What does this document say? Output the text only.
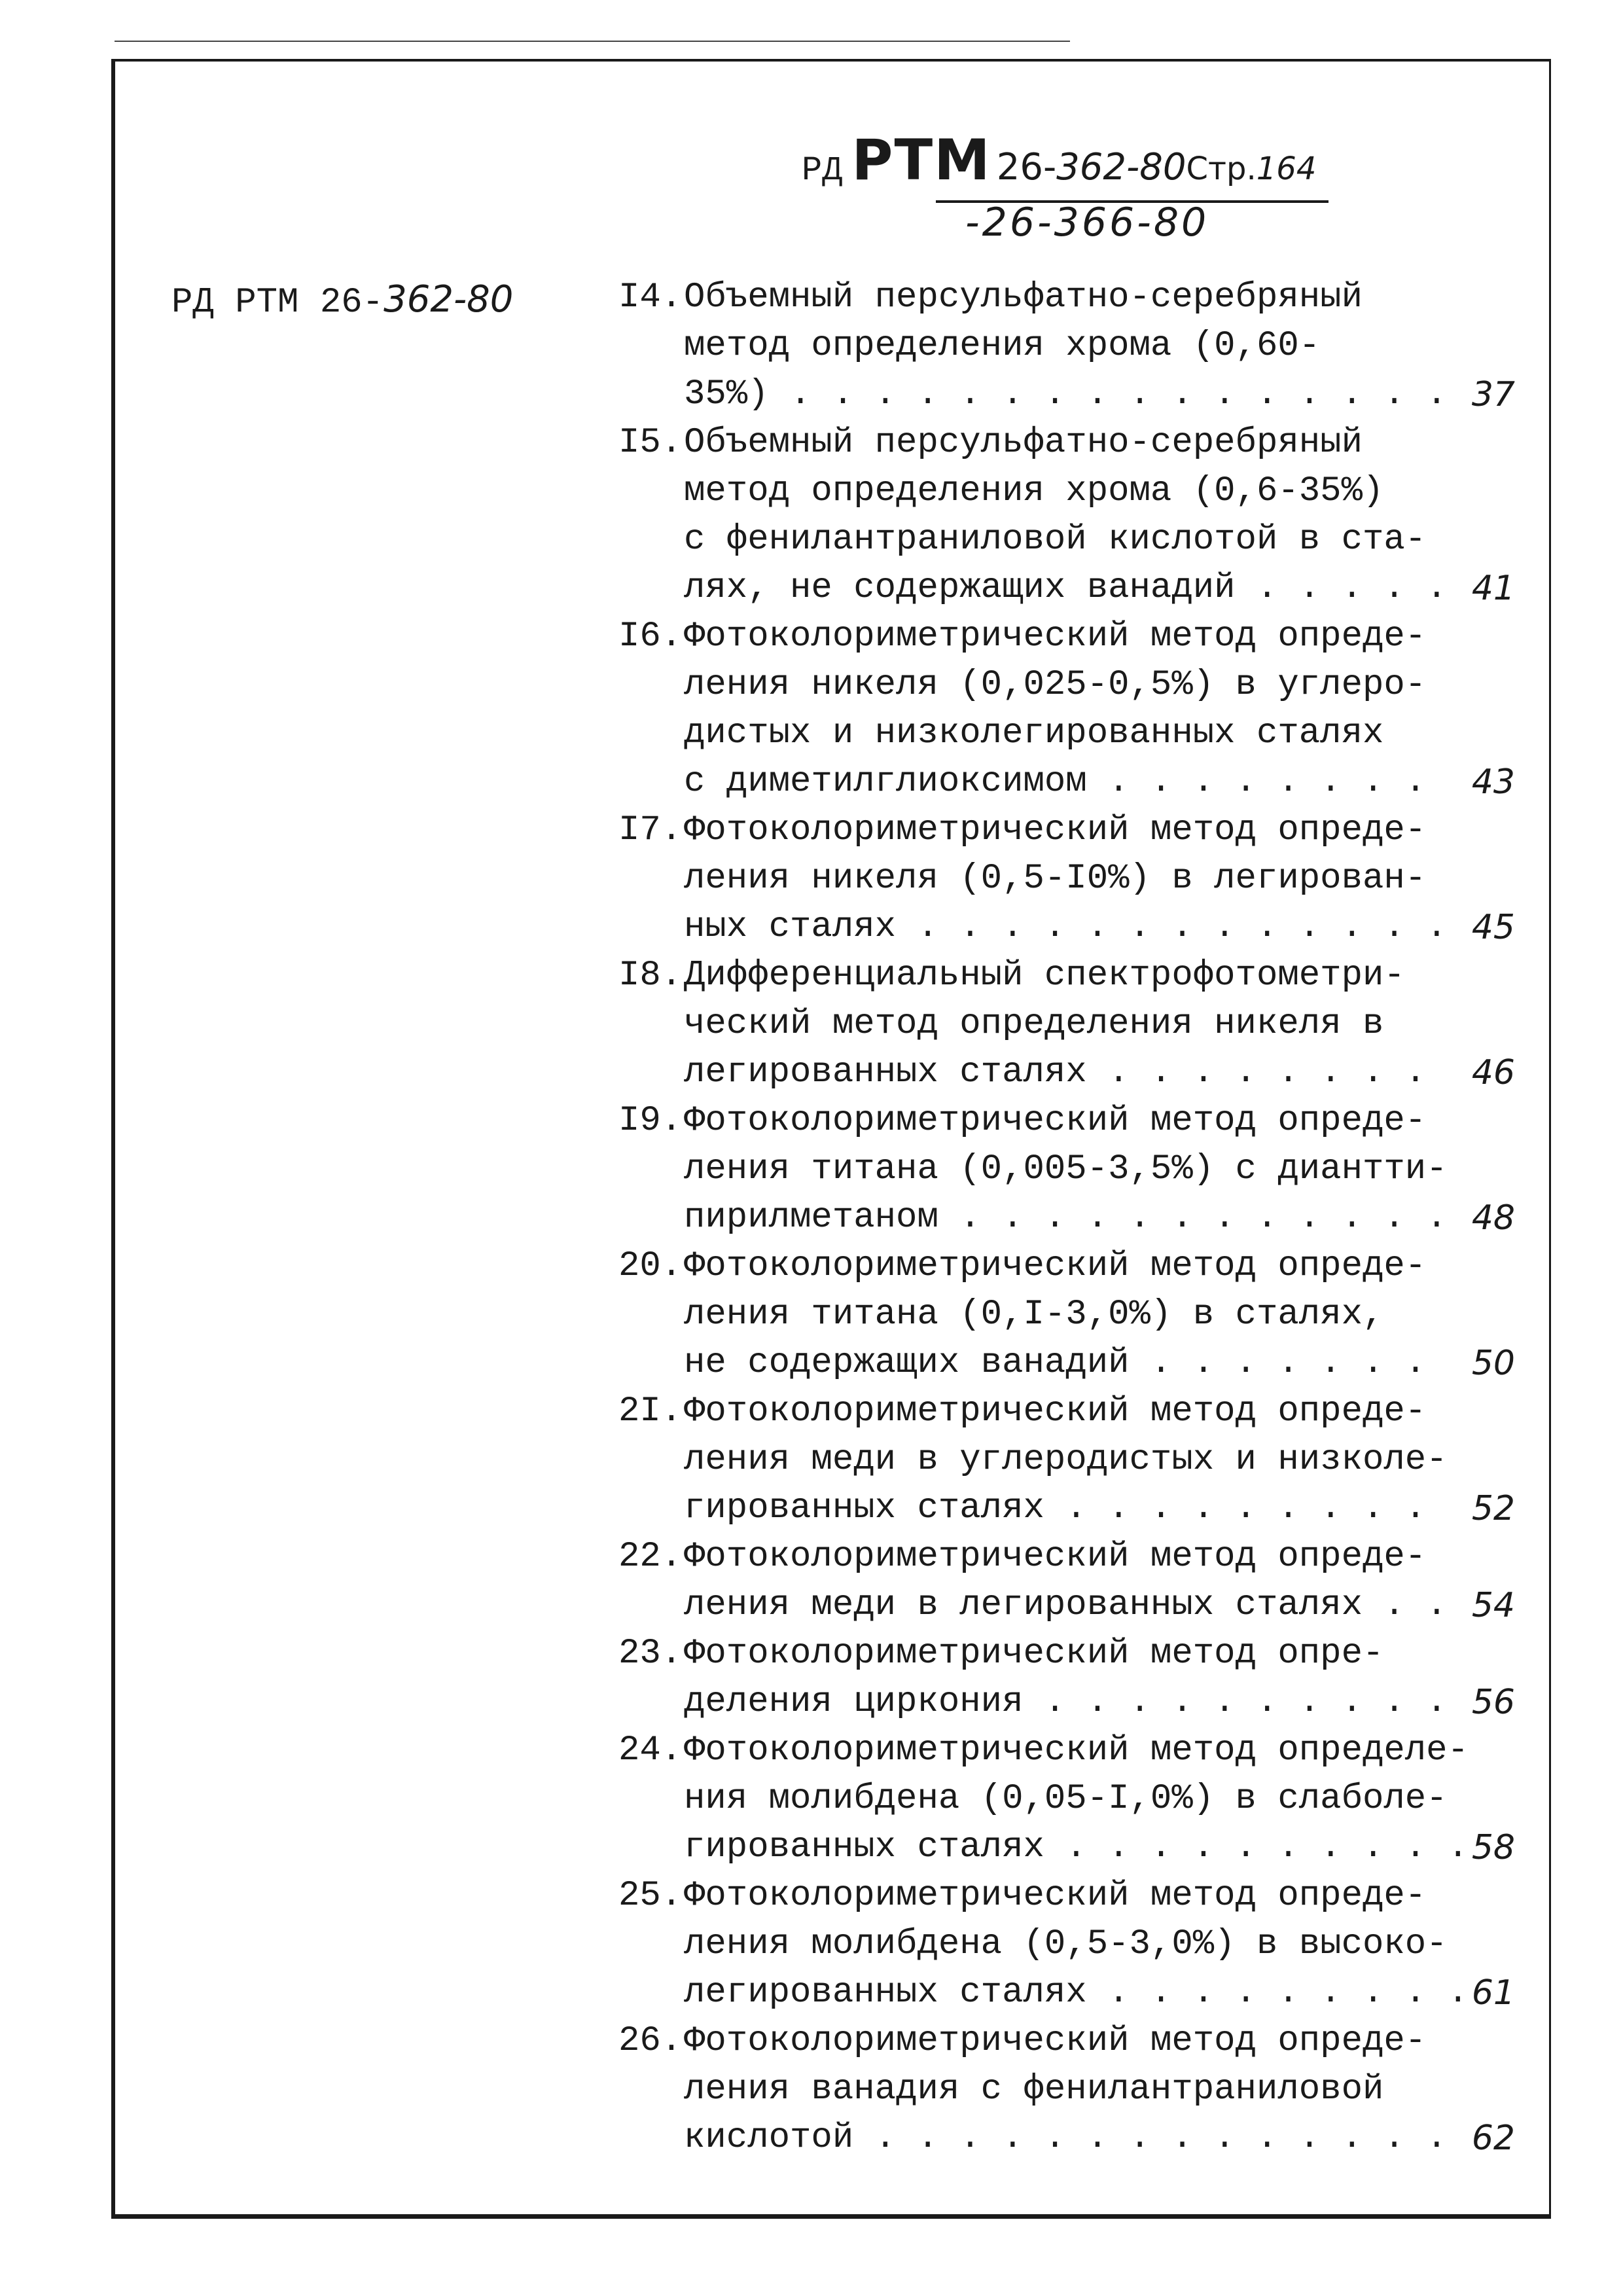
РД РТМ 26-362-80Стр.164
-26-366-80
РД РТМ 26-362-80	I4. Объемный персульфатно-серебряный
метод определения хрома (0,60-
35%) . . . . . . . . . . . . . . . . 37
I5. Объемный персульфатно-серебряный
метод определения хрома (0,6-35%)
с фенилантраниловой кислотой в ста-
лях, не содержащих ванадий . . . . . 41
I6. Фотоколориметрический метод опреде-
ления никеля (0,025-0,5%) в углеро-
дистых и низколегированных сталях
с диметилглиоксимом . . . . . . . . 43
I7. Фотоколориметрический метод опреде-
ления никеля (0,5-I0%) в легирован-
ных сталях . . . . . . . . . . . . . 45
I8. Дифференциальный спектрофотометри-
ческий метод определения никеля в
легированных сталях . . . . . . . . 46
I9. Фотоколориметрический метод опреде-
ления титана (0,005-3,5%) с диантти-
пирилметаном . . . . . . . . . . . . 48
20. Фотоколориметрический метод опреде-
ления титана (0,I-3,0%) в сталях,
не содержащих ванадий . . . . . . . 50
2I. Фотоколориметрический метод опреде-
ления меди в углеродистых и низколе-
гированных сталях . . . . . . . . . 52
22. Фотоколориметрический метод опреде-
ления меди в легированных сталях . . 54
23. Фотоколориметрический метод опре-
деления циркония . . . . . . . . . . 56
24. Фотоколориметрический метод определе-
ния молибдена (0,05-I,0%) в слаболе-
гированных сталях . . . . . . . . . . 58
25. Фотоколориметрический метод опреде-
ления молибдена (0,5-3,0%) в высоко-
легированных сталях . . . . . . . . . 61
26. Фотоколориметрический метод опреде-
ления ванадия с фенилантраниловой
кислотой . . . . . . . . . . . . . . 62
